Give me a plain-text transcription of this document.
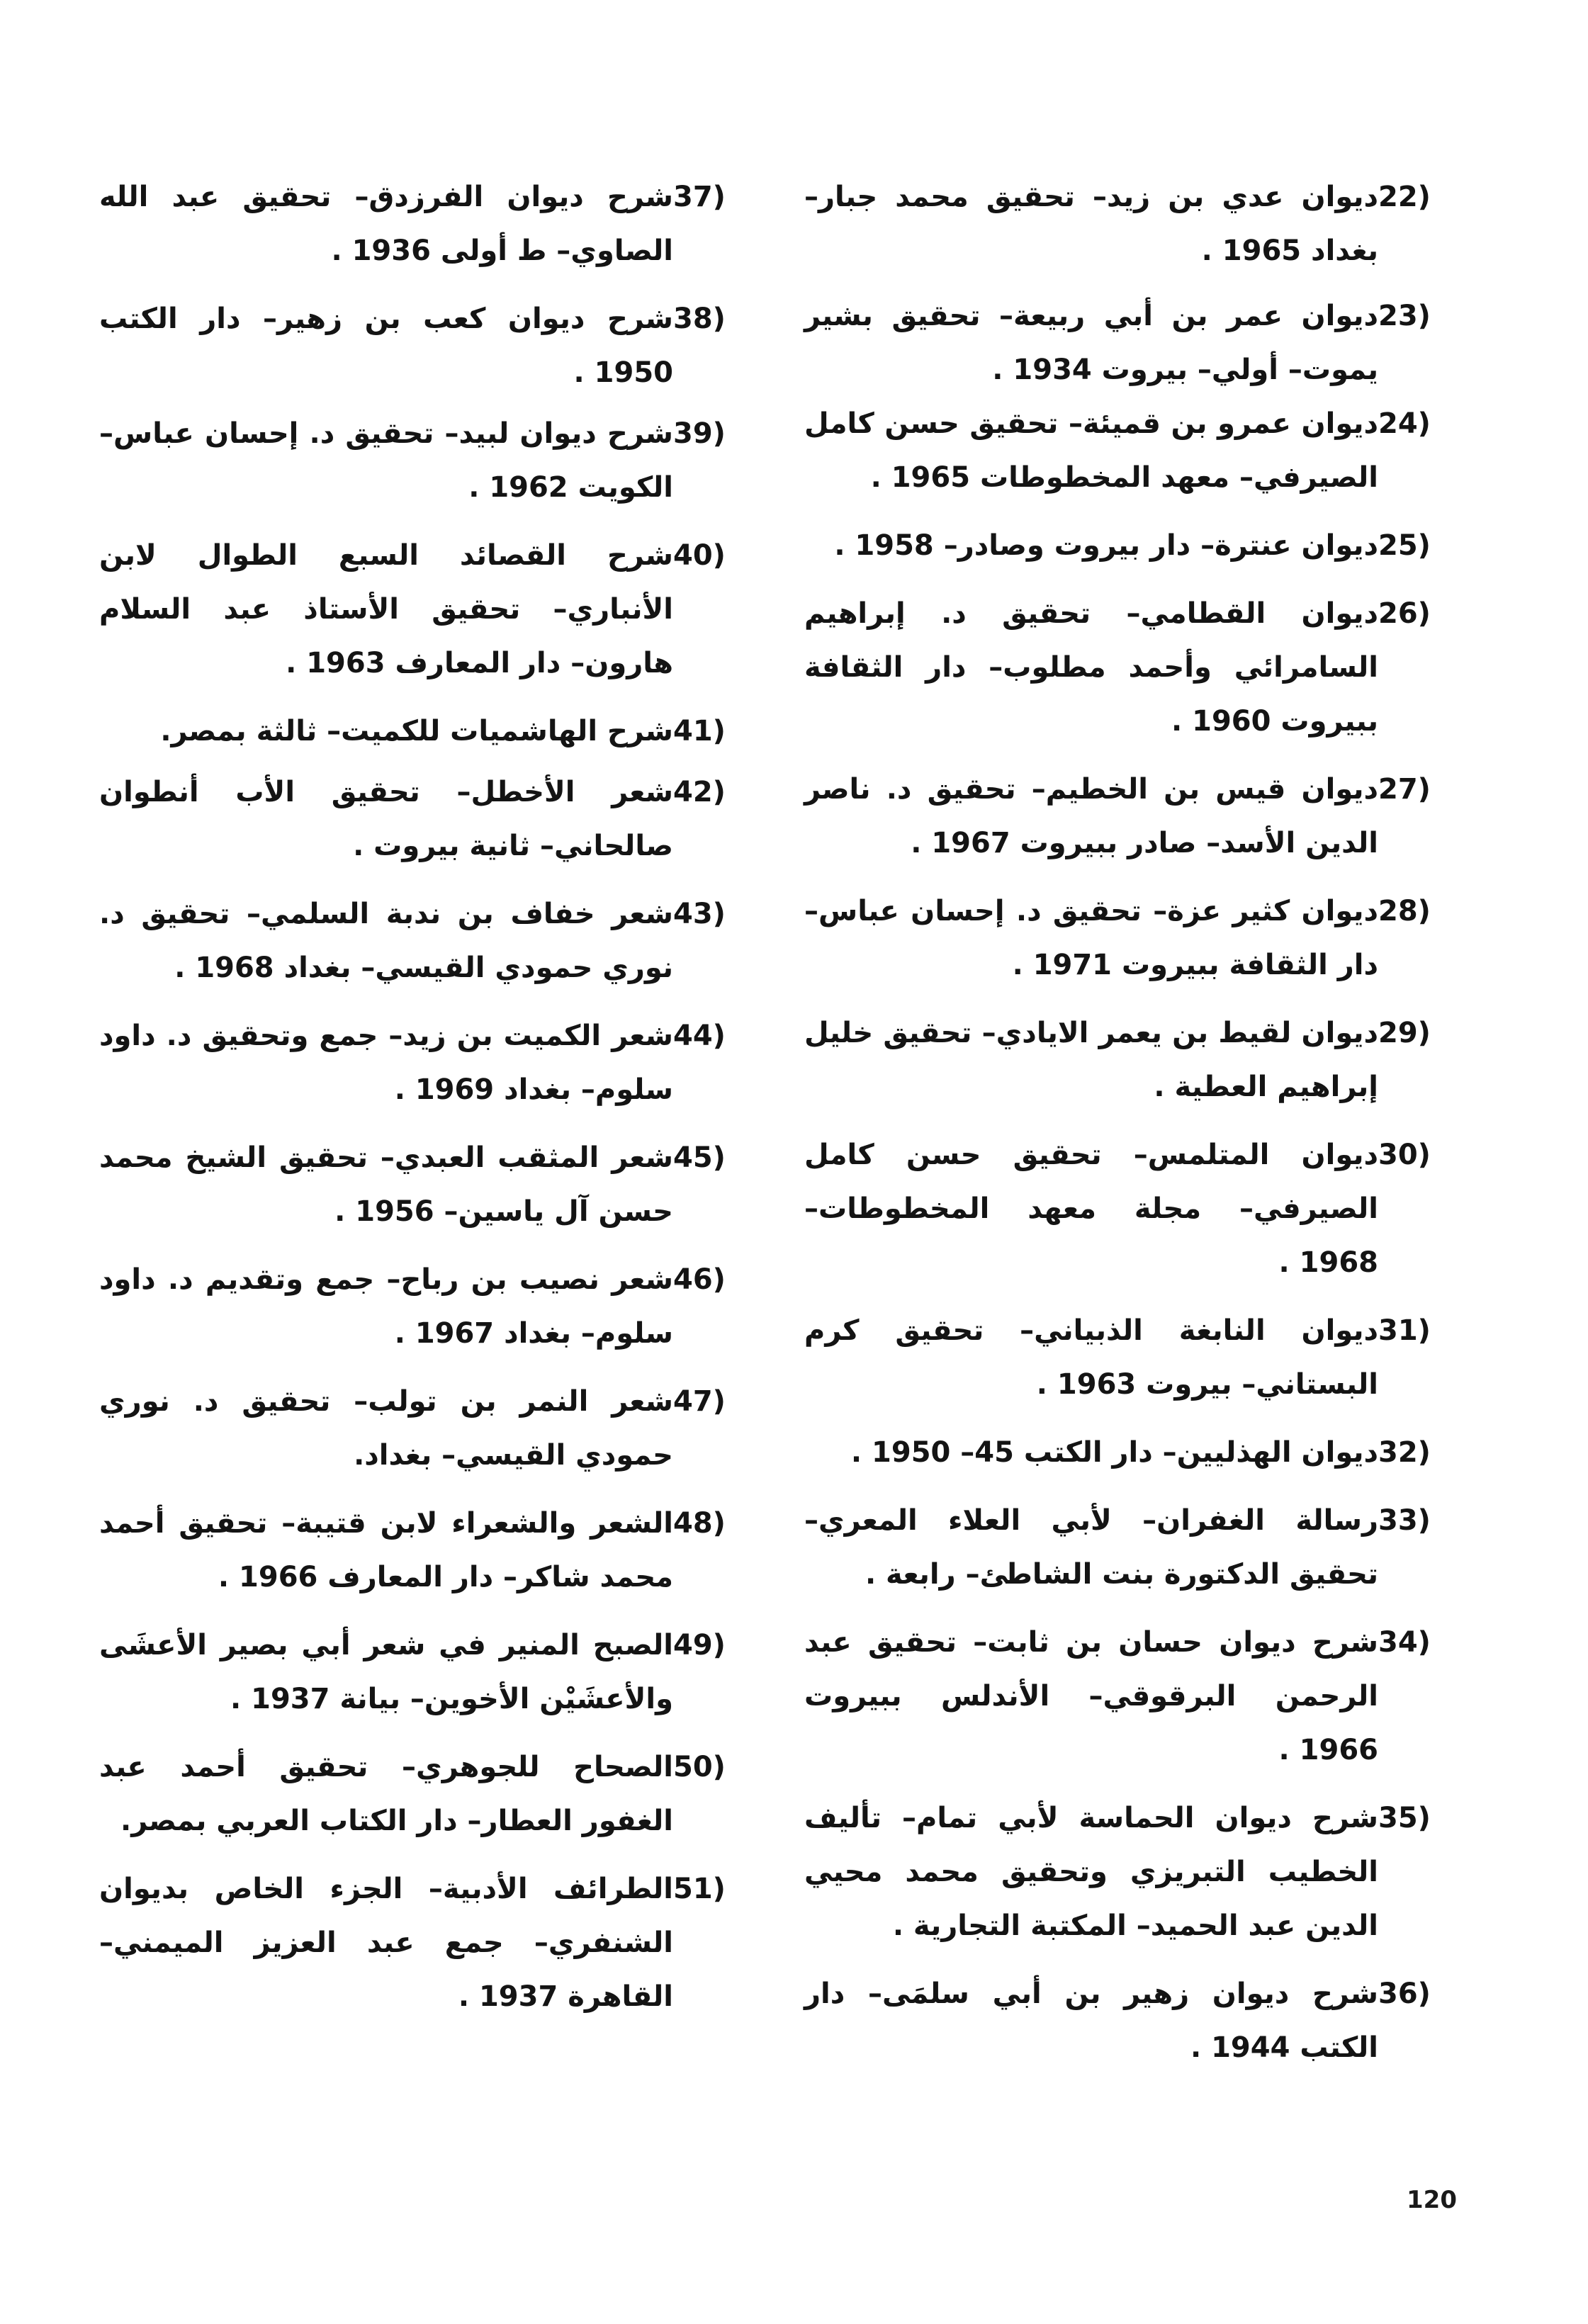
22)
ديوان عدي بن زيد– تحقيق محمد جبار– بغداد 1965 .
23)
ديوان عمر بن أبي ربيعة– تحقيق بشير يموت– أولي– بيروت 1934 .
24)
ديوان عمرو بن قميئة– تحقيق حسن كامل الصيرفي– معهد المخطوطات 1965 .
25)
ديوان عنترة– دار بيروت وصادر– 1958 .
26)
ديوان القطامي– تحقيق د. إبراهيم السامرائي وأحمد مطلوب– دار الثقافة ببيروت 1960 .
27)
ديوان قيس بن الخطيم– تحقيق د. ناصر الدين الأسد– صادر ببيروت 1967 .
28)
ديوان كثير عزة– تحقيق د. إحسان عباس– دار الثقافة ببيروت 1971 .
29)
ديوان لقيط بن يعمر الايادي– تحقيق خليل إبراهيم العطية .
30)
ديوان المتلمس– تحقيق حسن كامل الصيرفي– مجلة معهد المخطوطات– 1968 .
31)
ديوان النابغة الذبياني– تحقيق كرم البستاني– بيروت 1963 .
32)
ديوان الهذليين– دار الكتب 45– 1950 .
33)
رسالة الغفران– لأبي العلاء المعري– تحقيق الدكتورة بنت الشاطئ– رابعة .
34)
شرح ديوان حسان بن ثابت– تحقيق عبد الرحمن البرقوقي– الأندلس ببيروت 1966 .
35)
شرح ديوان الحماسة لأبي تمام– تأليف الخطيب التبريزي وتحقيق محمد محيي الدين عبد الحميد– المكتبة التجارية .
36)
شرح ديوان زهير بن أبي سلمَى– دار الكتب 1944 .
37)
شرح ديوان الفرزدق– تحقيق عبد الله الصاوي– ط أولى 1936 .
38)
شرح ديوان كعب بن زهير– دار الكتب 1950 .
39)
شرح ديوان لبيد– تحقيق د. إحسان عباس– الكويت 1962 .
40)
شرح القصائد السبع الطوال لابن الأنباري– تحقيق الأستاذ عبد السلام هارون– دار المعارف 1963 .
41)
شرح الهاشميات للكميت– ثالثة بمصر.
42)
شعر الأخطل– تحقيق الأب أنطوان صالحاني– ثانية بيروت .
43)
شعر خفاف بن ندبة السلمي– تحقيق د. نوري حمودي القيسي– بغداد 1968 .
44)
شعر الكميت بن زيد– جمع وتحقيق د. داود سلوم– بغداد 1969 .
45)
شعر المثقب العبدي– تحقيق الشيخ محمد حسن آل ياسين– 1956 .
46)
شعر نصيب بن رباح– جمع وتقديم د. داود سلوم– بغداد 1967 .
47)
شعر النمر بن تولب– تحقيق د. نوري حمودي القيسي– بغداد.
48)
الشعر والشعراء لابن قتيبة– تحقيق أحمد محمد شاكر– دار المعارف 1966 .
49)
الصبح المنير في شعر أبي بصير الأعشَى والأعشَيْن الأخوين– بيانة 1937 .
50)
الصحاح للجوهري– تحقيق أحمد عبد الغفور العطار– دار الكتاب العربي بمصر.
51)
الطرائف الأدبية– الجزء الخاص بديوان الشنفري– جمع عبد العزيز الميمني– القاهرة 1937 .
120
